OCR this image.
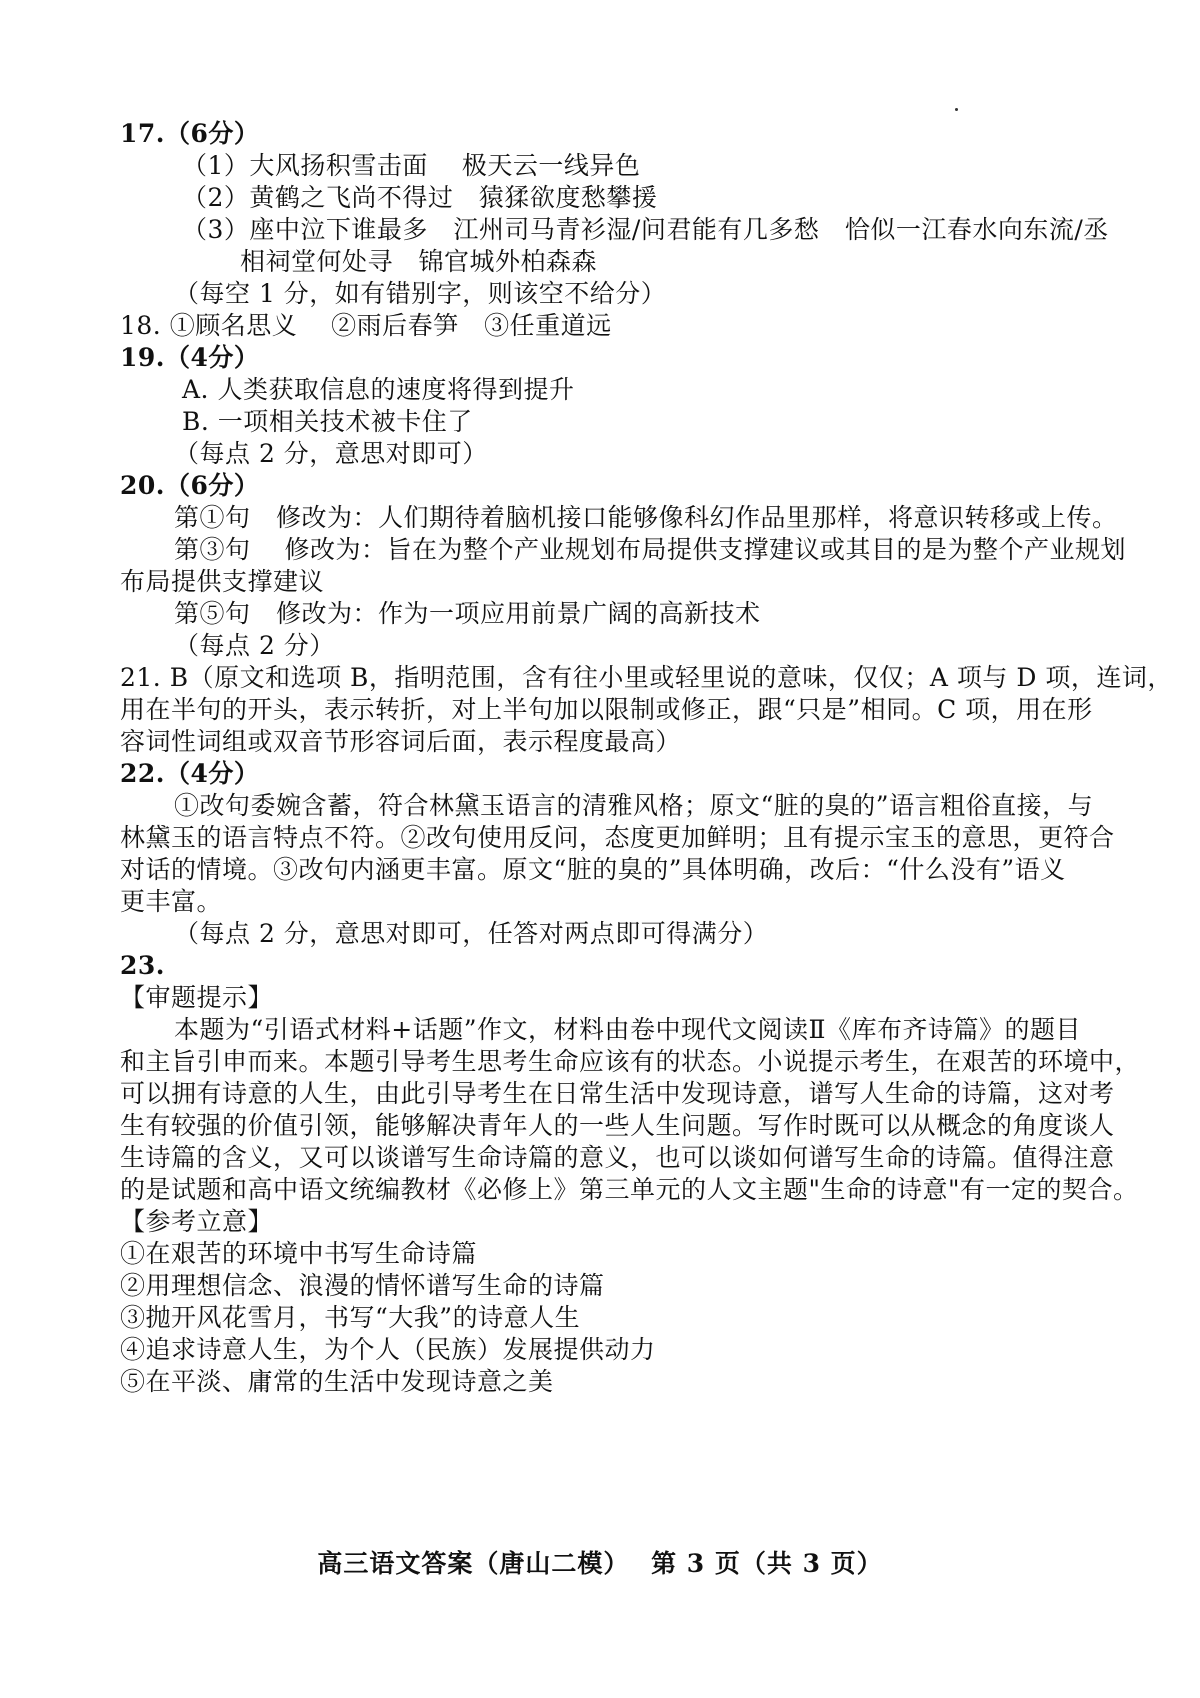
17.（6分）
（1）大风扬积雪击面　 极天云一线异色
（2）黄鹤之飞尚不得过　猿猱欲度愁攀援
（3）座中泣下谁最多　江州司马青衫湿/问君能有几多愁　恰似一江春水向东流/丞
相祠堂何处寻　锦官城外柏森森
（每空 1 分，如有错别字，则该空不给分）
18. ①顾名思义　 ②雨后春笋　③任重道远
19.（4分）
A. 人类获取信息的速度将得到提升
B. 一项相关技术被卡住了
（每点 2 分，意思对即可）
20.（6分）
第①句　修改为：人们期待着脑机接口能够像科幻作品里那样，将意识转移或上传。
第③句　 修改为：旨在为整个产业规划布局提供支撑建议或其目的是为整个产业规划
布局提供支撑建议
第⑤句　修改为：作为一项应用前景广阔的高新技术
（每点 2 分）
21. B（原文和选项 B，指明范围，含有往小里或轻里说的意味，仅仅；A 项与 D 项，连词，
用在半句的开头，表示转折，对上半句加以限制或修正，跟“只是”相同。C 项，用在形
容词性词组或双音节形容词后面，表示程度最高）
22.（4分）
①改句委婉含蓄，符合林黛玉语言的清雅风格；原文“脏的臭的”语言粗俗直接，与
林黛玉的语言特点不符。②改句使用反问，态度更加鲜明；且有提示宝玉的意思，更符合
对话的情境。③改句内涵更丰富。原文“脏的臭的”具体明确，改后：“什么没有”语义
更丰富。
（每点 2 分，意思对即可，任答对两点即可得满分）
23.
【审题提示】
本题为“引语式材料+话题”作文，材料由卷中现代文阅读Ⅱ《库布齐诗篇》的题目
和主旨引申而来。本题引导考生思考生命应该有的状态。小说提示考生，在艰苦的环境中，
可以拥有诗意的人生，由此引导考生在日常生活中发现诗意，谱写人生命的诗篇，这对考
生有较强的价值引领，能够解决青年人的一些人生问题。写作时既可以从概念的角度谈人
生诗篇的含义，又可以谈谱写生命诗篇的意义，也可以谈如何谱写生命的诗篇。值得注意
的是试题和高中语文统编教材《必修上》第三单元的人文主题"生命的诗意"有一定的契合。
【参考立意】
①在艰苦的环境中书写生命诗篇
②用理想信念、浪漫的情怀谱写生命的诗篇
③抛开风花雪月，书写“大我”的诗意人生
④追求诗意人生，为个人（民族）发展提供动力
⑤在平淡、庸常的生活中发现诗意之美
高三语文答案（唐山二模） 第 3 页（共 3 页）
